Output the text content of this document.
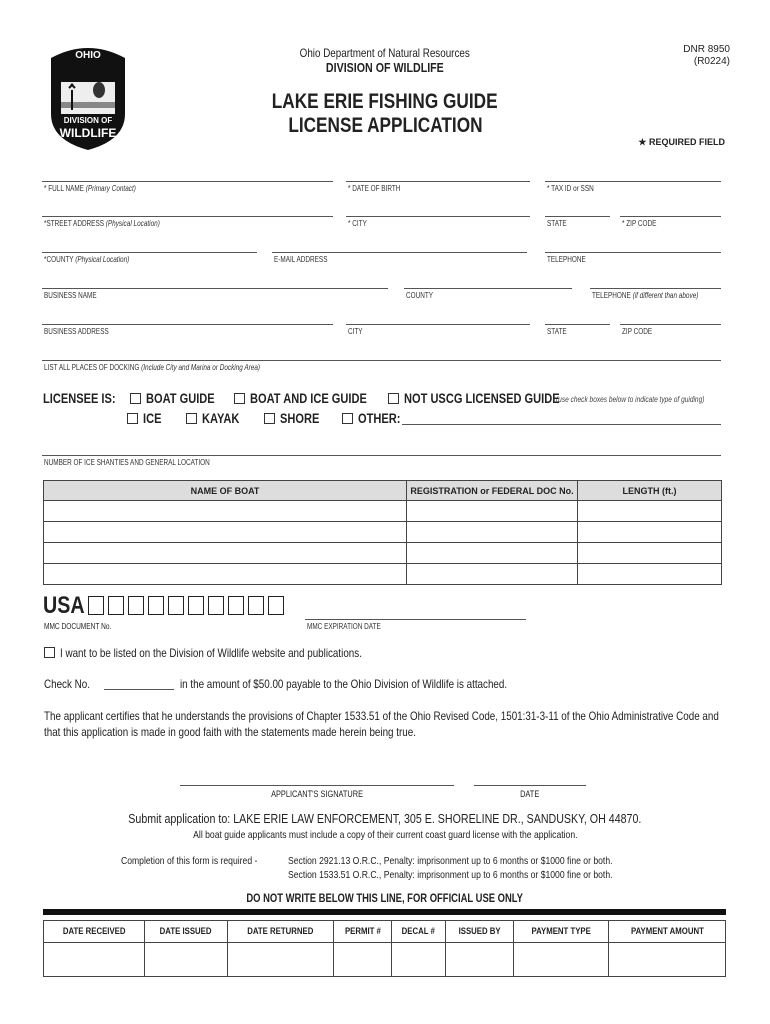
OHIO
DIVISION OF
WILDLIFE
Ohio Department of Natural Resources
DIVISION OF WILDLIFE
DNR 8950
(R0224)
LAKE ERIE FISHING GUIDE
LICENSE APPLICATION
★ REQUIRED FIELD
* FULL NAME (Primary Contact)	* DATE OF BIRTH	* TAX ID or SSN
*STREET ADDRESS (Physical Location)	* CITY	STATE	* ZIP CODE
*COUNTY (Physical Location)	E-MAIL ADDRESS	TELEPHONE
BUSINESS NAME	COUNTY	TELEPHONE (if different than above)
BUSINESS ADDRESS	CITY	STATE	ZIP CODE
LIST ALL PLACES OF DOCKING (Include City and Marina or Docking Area)
NUMBER OF ICE SHANTIES AND GENERAL LOCATION
LICENSEE IS:	BOAT GUIDE	BOAT AND ICE GUIDE	NOT USCG LICENSED GUIDE
ICE	KAYAK	SHORE	OTHER:
(use check boxes below to indicate type of guiding)
NAME OF BOAT	REGISTRATION or FEDERAL DOC No.	LENGTH (ft.)

USA
MMC DOCUMENT No.	MMC EXPIRATION DATE
I want to be listed on the Division of Wildlife website and publications.
Check No.	in the amount of $50.00 payable to the Ohio Division of Wildlife is attached.
The applicant certifies that he understands the provisions of Chapter 1533.51 of the Ohio Revised Code, 1501:31-3-11 of the Ohio Administrative Code and that this application is made in good faith with the statements made herein being true.
APPLICANT'S SIGNATURE	DATE
Submit application to: LAKE ERIE LAW ENFORCEMENT, 305 E. SHORELINE DR., SANDUSKY, OH 44870.
All boat guide applicants must include a copy of their current coast guard license with the application.
Completion of this form is required -	Section 2921.13 O.R.C., Penalty: imprisonment up to 6 months or $1000 fine or both.
Section 1533.51 O.R.C., Penalty: imprisonment up to 6 months or $1000 fine or both.
DO NOT WRITE BELOW THIS LINE, FOR OFFICIAL USE ONLY
DATE RECEIVED	DATE ISSUED	DATE RETURNED	PERMIT #	DECAL #	ISSUED BY	PAYMENT TYPE	PAYMENT AMOUNT
